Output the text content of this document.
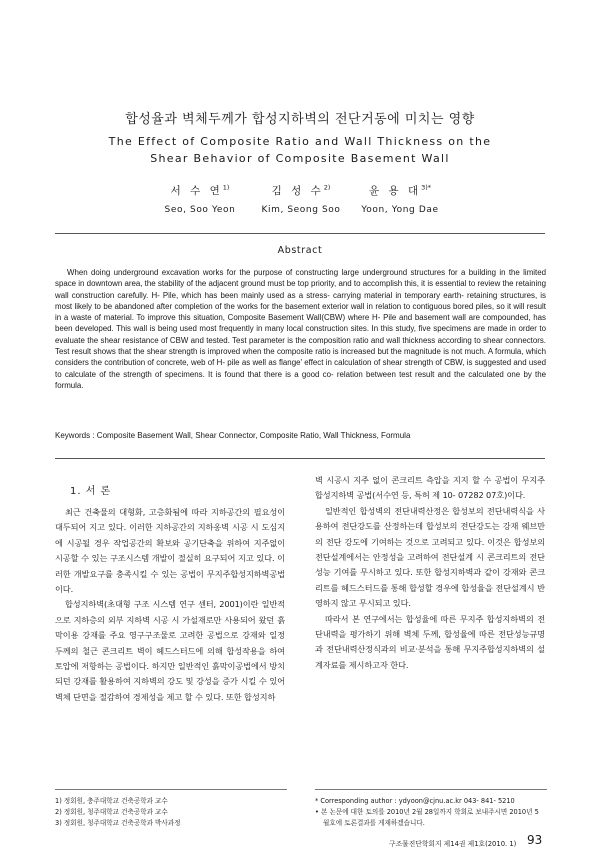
합성율과 벽체두께가 합성지하벽의 전단거동에 미치는 영향
The Effect of Composite Ratio and Wall Thickness on the
Shear Behavior of Composite Basement Wall
서 수 연$^{1)}$
Seo, Soo Yeon
김 성 수$^{2)}$
Kim, Seong Soo
윤 용 대$^{3)*}$
Yoon, Yong Dae
Abstract
When doing underground excavation works for the purpose of constructing large underground structures for a building in the limited space in downtown area, the stability of the adjacent ground must be top priority, and to accomplish this, it is essential to review the retaining wall construction carefully. H- Pile, which has been mainly used as a stress- carrying material in temporary earth- retaining structures, is most likely to be abandoned after completion of the works for the basement exterior wall in relation to contiguous bored piles, so it will result in a waste of material. To improve this situation, Composite Basement Wall(CBW) where H- Pile and basement wall are compounded, has been developed. This wall is being used most frequently in many local construction sites. In this study, five specimens are made in order to evaluate the shear resistance of CBW and tested. Test parameter is the composition ratio and wall thickness according to shear connectors. Test result shows that the shear strength is improved when the composite ratio is increased but the magnitude is not much. A formula, which considers the contribution of concrete, web of H- pile as well as flange' effect in calculation of shear strength of CBW, is suggested and used to calculate of the strength of specimens. It is found that there is a good co- relation between test result and the calculated one by the formula.
Keywords : Composite Basement Wall, Shear Connector, Composite Ratio, Wall Thickness, Formula
1. 서 론

최근 건축물의 대형화, 고층화됨에 따라 지하공간의 필요성이 대두되어 지고 있다. 이러한 지하공간의 지하옹벽 시공 시 도심지에 시공될 경우 작업공간의 확보와 공기단축을 위하여 지주없이 시공할 수 있는 구조시스템 개발이 절실히 요구되어 지고 있다. 이러한 개발요구를 충족시킬 수 있는 공법이 무지주합성지하벽공법이다.

합성지하벽(초대형 구조 시스템 연구 센터, 2001)이란 일반적으로 지하층의 외부 지하벽 시공 시 가설재로만 사용되어 왔던 흙막이용 강재를 주요 영구구조물로 고려한 공법으로 강재와 일정 두께의 철근 콘크리트 벽이 헤드스터드에 의해 합성작용을 하여 토압에 저항하는 공법이다. 하지만 일반적인 흙막이공법에서 방치되던 강재를 활용하여 지하벽의 강도 및 강성을 증가 시킬 수 있어 벽체 단면을 절감하여 경제성을 제고 할 수 있다. 또한 합성지하

벽 시공시 지주 없이 콘크리트 측압을 지지 할 수 공법이 무지주 합성지하벽 공법(서수연 등, 특허 제 10- 07282 07호)이다.

일반적인 합성벽의 전단내력산정은 합성보의 전단내력식을 사용하여 전단강도를 산정하는데 합성보의 전단강도는 강재 웨브만의 전단 강도에 기여하는 것으로 고려되고 있다. 이것은 합성보의 전단설계에서는 안정성을 고려하여 전단설계 시 콘크리트의 전단성능 기여를 무시하고 있다. 또한 합성지하벽과 같이 강재와 콘크리트를 헤드스터드를 통해 합성할 경우에 합성율을 전단설계시 반영하지 않고 무시되고 있다.

따라서 본 연구에서는 합성율에 따른 무지주 합성지하벽의 전단내력을 평가하기 위해 벽체 두께, 합성율에 따른 전단성능규명과 전단내력산정식과의 비교·분석을 통해 무지주합성지하벽의 설계자료를 제시하고자 한다.

1) 정회원, 충주대학교 건축공학과 교수
2) 정회원, 청주대학교 건축공학과 교수
3) 정회원, 청주대학교 건축공학과 박사과정
* Corresponding author : ydyoon@cjnu.ac.kr 043- 841- 5210
• 본 논문에 대한 토의를 2010년 2월 28일까지 학회로 보내주시면 2010년 5
월호에 토론결과를 게재하겠습니다.
구조물진단학회지 제14권 제1호(2010. 1) 93
